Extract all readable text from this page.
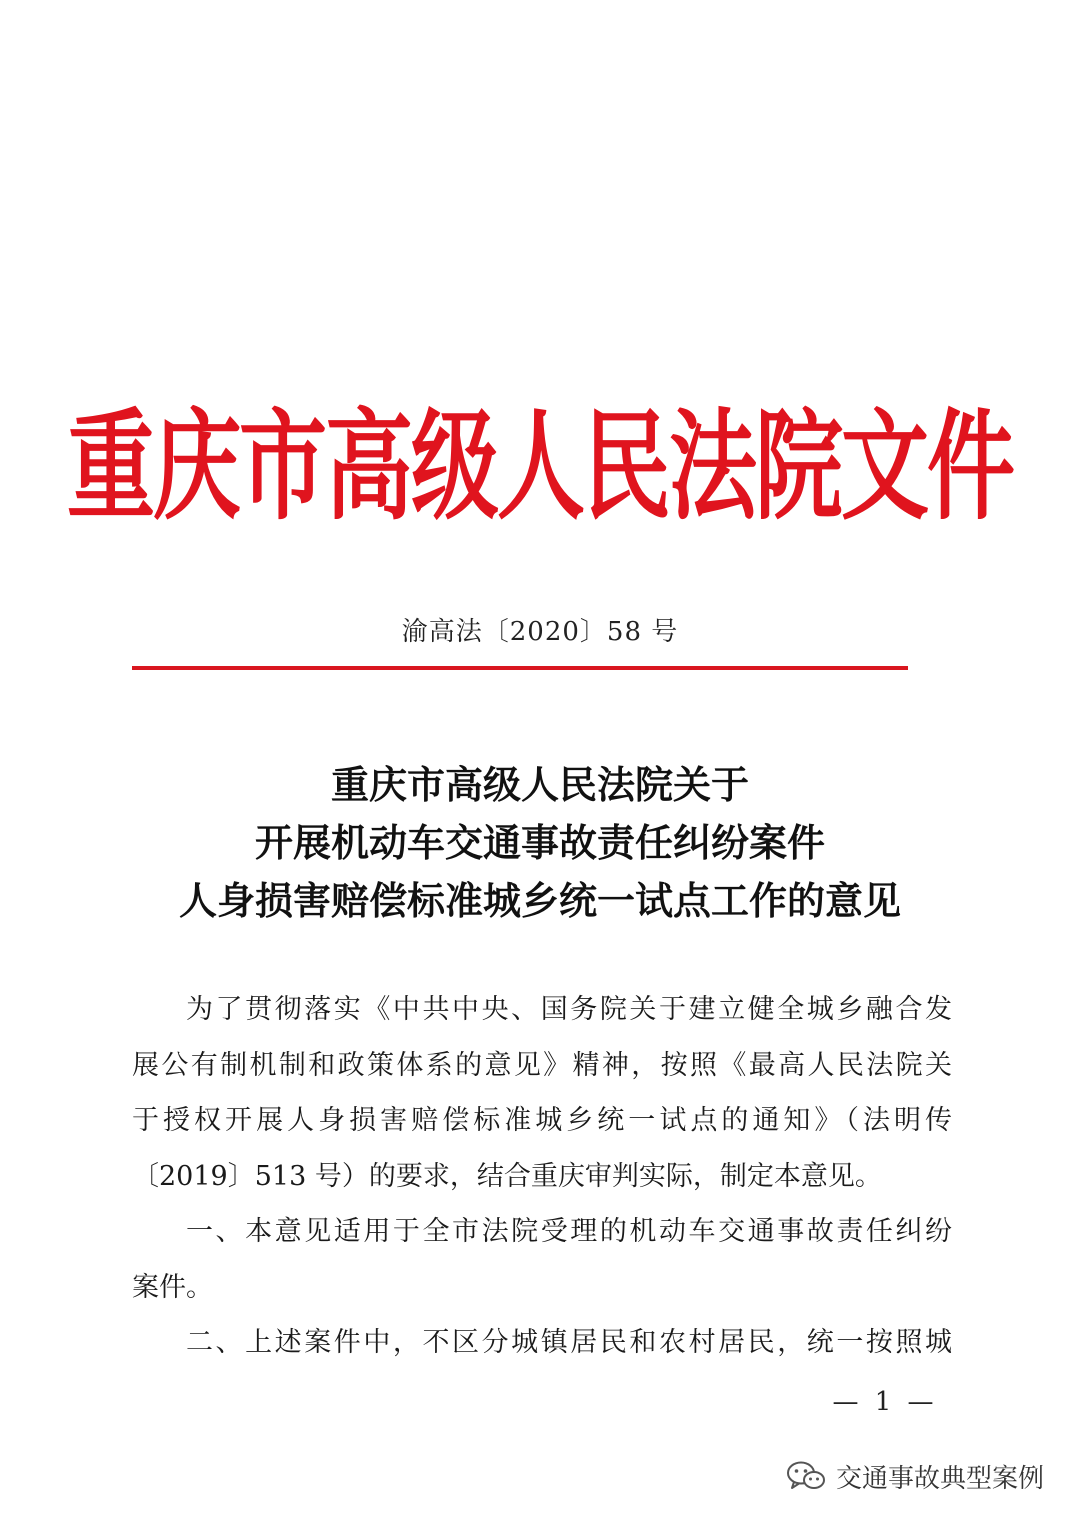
重庆市高级人民法院文件
渝高法〔2020〕58 号
重庆市高级人民法院关于
开展机动车交通事故责任纠纷案件
人身损害赔偿标准城乡统一试点工作的意见
为了贯彻落实《中共中央、国务院关于建立健全城乡融合发
展公有制机制和政策体系的意见》精神，按照《最高人民法院关
于授权开展人身损害赔偿标准城乡统一试点的通知》（法明传
〔2019〕513 号）的要求，结合重庆审判实际，制定本意见。
一、本意见适用于全市法院受理的机动车交通事故责任纠纷
案件。
二、上述案件中，不区分城镇居民和农村居民，统一按照城
— 1 —
交通事故典型案例
